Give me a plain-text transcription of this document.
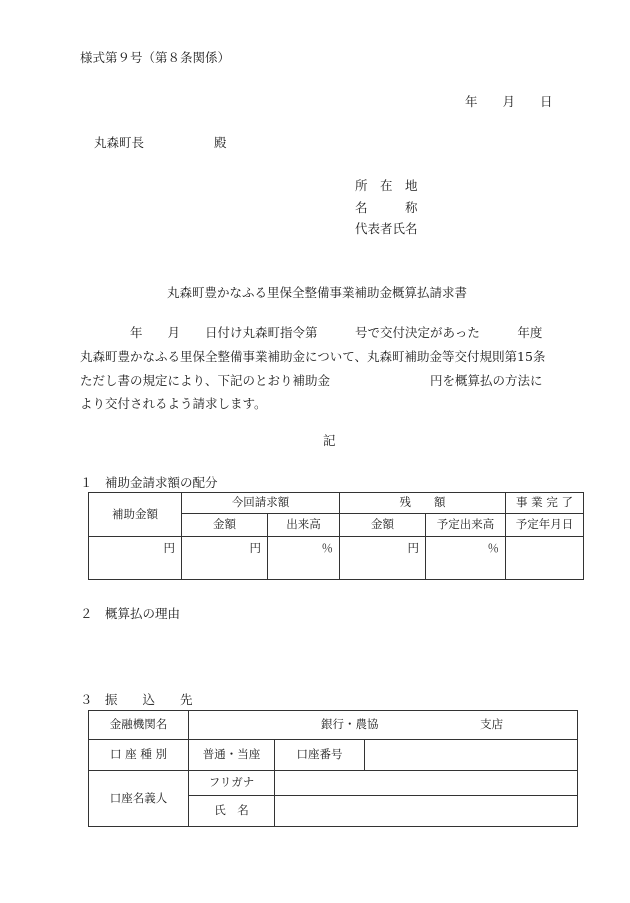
様式第９号（第８条関係）
年　　月　　日
丸森町長	殿
所　在　地
名　　　称
代表者氏名
丸森町豊かなふる里保全整備事業補助金概算払請求書
年　　月　　日付け丸森町指令第　　　号で交付決定があった　　　年度
丸森町豊かなふる里保全整備事業補助金について、丸森町補助金等交付規則第15条
ただし書の規定により、下記のとおり補助金　　　　　　　　円を概算払の方法に
より交付されるよう請求します。
記
１　補助金請求額の配分
補助金額	今回請求額		残　　額		事 業 完 了
	金額	出来高	金額	予定出来高	予定年月日
円	円	％	円	％	
２　概算払の理由
３　振　　込　　先
金融機関名	銀行・農協 支店		
口 座 種 別	普通・当座	口座番号	
口座名義人	フリガナ		
	氏　名		
